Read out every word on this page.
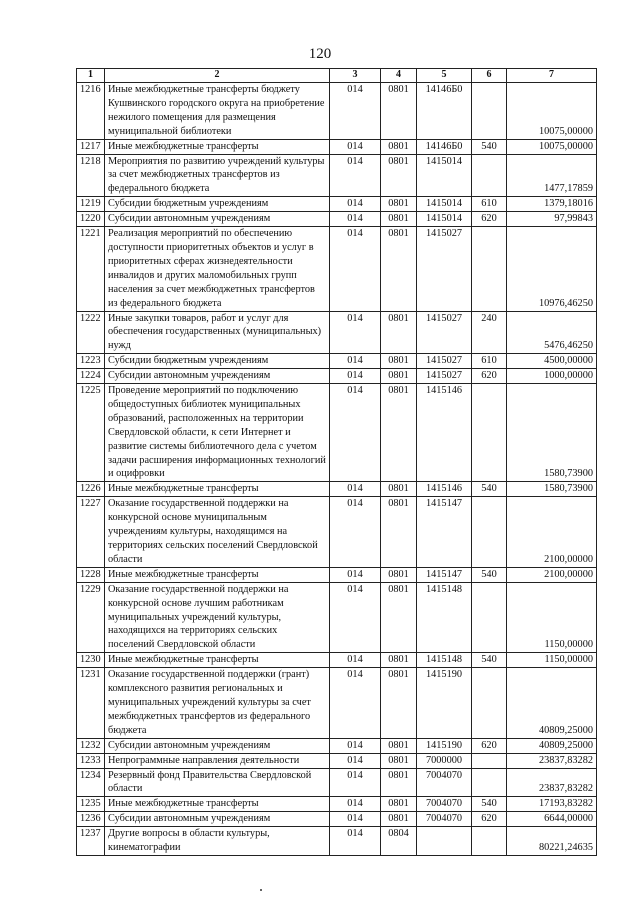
120
1	2	3	4	5	6	7
1216	Иные межбюджетные трансферты бюджету Кушвинского городского округа на приобретение нежилого помещения для размещения муниципальной библиотеки	014	0801	14146Б0		10075,00000
1217	Иные межбюджетные трансферты	014	0801	14146Б0	540	10075,00000
1218	Мероприятия по развитию учреждений культуры за счет межбюджетных трансфертов из федерального бюджета	014	0801	1415014		1477,17859
1219	Субсидии бюджетным учреждениям	014	0801	1415014	610	1379,18016
1220	Субсидии автономным учреждениям	014	0801	1415014	620	97,99843
1221	Реализация мероприятий по обеспечению доступности приоритетных объектов и услуг в приоритетных сферах жизнедеятельности инвалидов и других маломобильных групп населения за счет межбюджетных трансфертов из федерального бюджета	014	0801	1415027		10976,46250
1222	Иные закупки товаров, работ и услуг для обеспечения государственных (муниципальных) нужд	014	0801	1415027	240	5476,46250
1223	Субсидии бюджетным учреждениям	014	0801	1415027	610	4500,00000
1224	Субсидии автономным учреждениям	014	0801	1415027	620	1000,00000
1225	Проведение мероприятий по подключению общедоступных библиотек муниципальных образований, расположенных на территории Свердловской области, к сети Интернет и развитие системы библиотечного дела с учетом задачи расширения информационных технологий и оцифровки	014	0801	1415146		1580,73900
1226	Иные межбюджетные трансферты	014	0801	1415146	540	1580,73900
1227	Оказание государственной поддержки на конкурсной основе муниципальным учреждениям культуры, находящимся на территориях сельских поселений Свердловской области	014	0801	1415147		2100,00000
1228	Иные межбюджетные трансферты	014	0801	1415147	540	2100,00000
1229	Оказание государственной поддержки на конкурсной основе лучшим работникам муниципальных учреждений культуры, находящихся на территориях сельских поселений Свердловской области	014	0801	1415148		1150,00000
1230	Иные межбюджетные трансферты	014	0801	1415148	540	1150,00000
1231	Оказание государственной поддержки (грант) комплексного развития региональных и муниципальных учреждений культуры за счет межбюджетных трансфертов из федерального бюджета	014	0801	1415190		40809,25000
1232	Субсидии автономным учреждениям	014	0801	1415190	620	40809,25000
1233	Непрограммные направления деятельности	014	0801	7000000		23837,83282
1234	Резервный фонд Правительства Свердловской области	014	0801	7004070		23837,83282
1235	Иные межбюджетные трансферты	014	0801	7004070	540	17193,83282
1236	Субсидии автономным учреждениям	014	0801	7004070	620	6644,00000
1237	Другие вопросы в области культуры, кинематографии	014	0804			80221,24635
